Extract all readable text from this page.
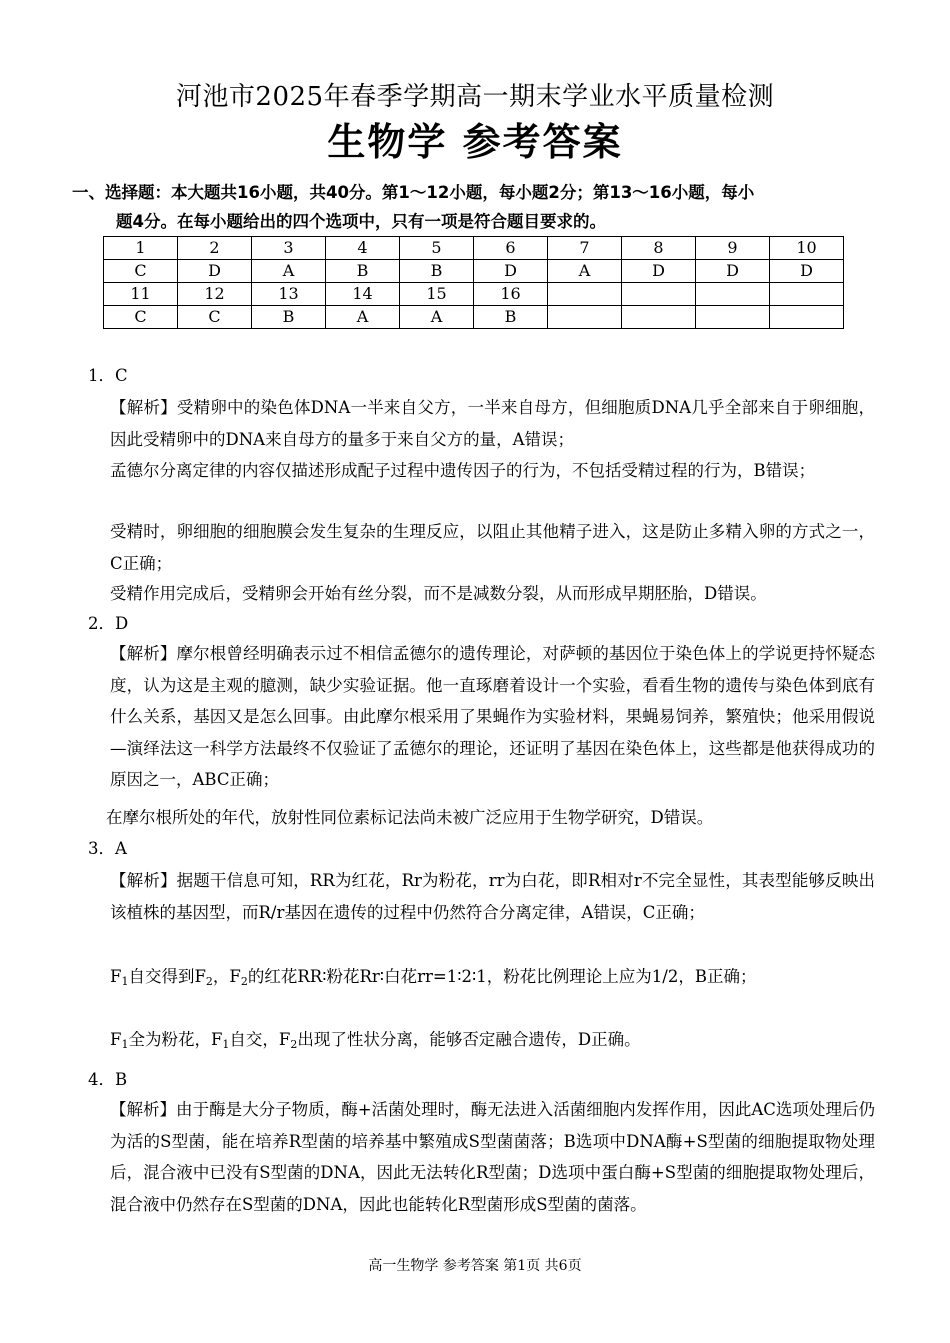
河池市2025年春季学期高一期末学业水平质量检测
生物学 参考答案
一、选择题：本大题共16小题，共40分。第1～12小题，每小题2分；第13～16小题，每小
题4分。在每小题给出的四个选项中，只有一项是符合题目要求的。
1	2	3	4	5	6	7	8	9	10
C	D	A	B	B	D	A	D	D	D
11	12	13	14	15	16				
C	C	B	A	A	B				
1．C
【解析】受精卵中的染色体DNA一半来自父方，一半来自母方，但细胞质DNA几乎全部来自于卵细胞，因此受精卵中的DNA来自母方的量多于来自父方的量，A错误；
孟德尔分离定律的内容仅描述形成配子过程中遗传因子的行为，不包括受精过程的行为，B错误；
受精时，卵细胞的细胞膜会发生复杂的生理反应，以阻止其他精子进入，这是防止多精入卵的方式之一，C正确；
受精作用完成后，受精卵会开始有丝分裂，而不是减数分裂，从而形成早期胚胎，D错误。
2．D
【解析】摩尔根曾经明确表示过不相信孟德尔的遗传理论，对萨顿的基因位于染色体上的学说更持怀疑态度，认为这是主观的臆测，缺少实验证据。他一直琢磨着设计一个实验，看看生物的遗传与染色体到底有什么关系，基因又是怎么回事。由此摩尔根采用了果蝇作为实验材料，果蝇易饲养，繁殖快；他采用假说—演绎法这一科学方法最终不仅验证了孟德尔的理论，还证明了基因在染色体上，这些都是他获得成功的原因之一，ABC正确；
在摩尔根所处的年代，放射性同位素标记法尚未被广泛应用于生物学研究，D错误。
3．A
【解析】据题干信息可知，RR为红花，Rr为粉花，rr为白花，即R相对r不完全显性，其表型能够反映出该植株的基因型，而R/r基因在遗传的过程中仍然符合分离定律，A错误，C正确；
$F_1$自交得到$F_2$，$F_2$的红花RR∶粉花Rr∶白花rr=1∶2∶1，粉花比例理论上应为1/2，B正确；
$F_1$全为粉花，$F_1$自交，$F_2$出现了性状分离，能够否定融合遗传，D正确。
4．B
【解析】由于酶是大分子物质，酶+活菌处理时，酶无法进入活菌细胞内发挥作用，因此AC选项处理后仍为活的S型菌，能在培养R型菌的培养基中繁殖成S型菌菌落；B选项中DNA酶+S型菌的细胞提取物处理后，混合液中已没有S型菌的DNA，因此无法转化R型菌；D选项中蛋白酶+S型菌的细胞提取物处理后，混合液中仍然存在S型菌的DNA，因此也能转化R型菌形成S型菌的菌落。
高一生物学 参考答案 第1页 共6页
